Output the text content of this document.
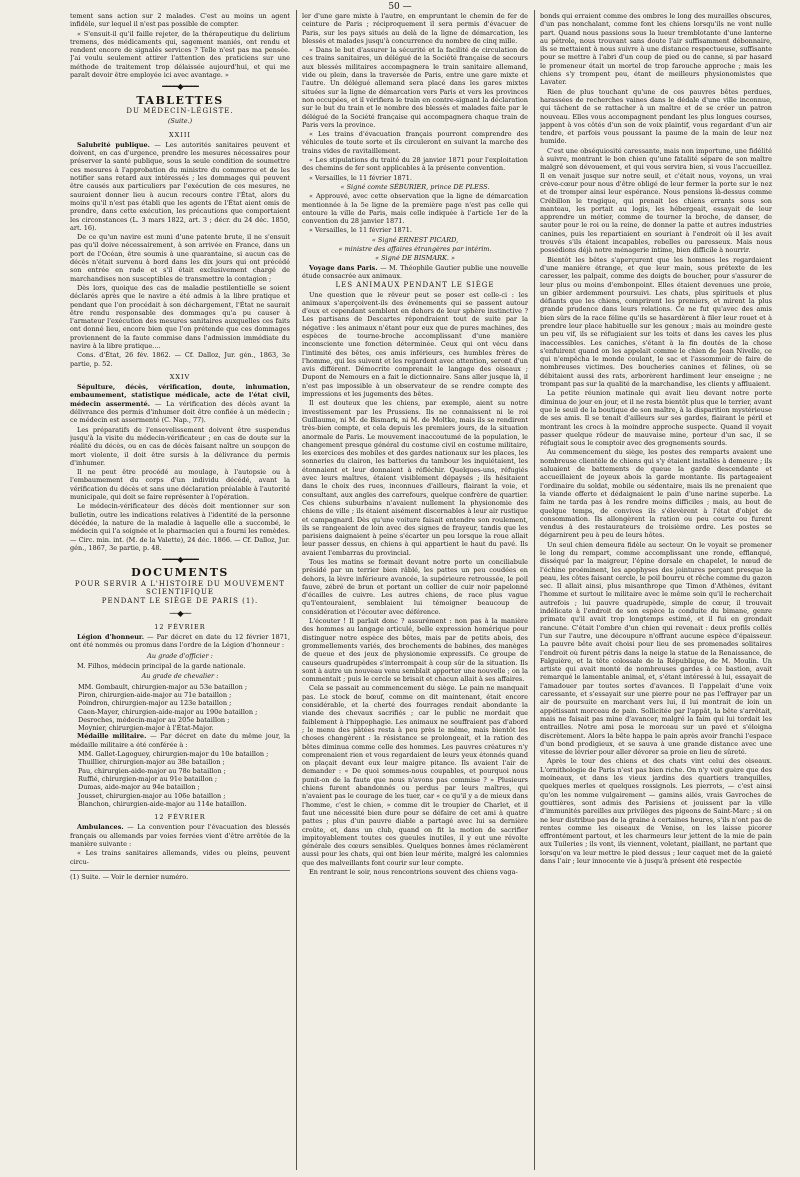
50 —

tement sans action sur 2 malades. C'est au moins un agent infidèle, sur lequel il n'est pas possible de compter.

« S'ensuit-il qu'il faille rejeter, de la thérapeutique du delirium tremens, des médicaments qui, sagement maniés, ont rendu et rendent encore de signalés services ? Telle n'est pas ma pensée. J'ai voulu seulement attirer l'attention des praticiens sur une méthode de traitement trop délaissée aujourd'hui, et qui me paraît devoir être employée ici avec avantage. »

━━━━◆━━━━
TABLETTES
DU MÉDECIN-LÉGISTE.
(Suite.)
XXIII

Salubrité publique. — Les autorités sanitaires peuvent et doivent, en cas d'urgence, prendre les mesures nécessaires pour préserver la santé publique, sous la seule condition de soumettre ces mesures à l'approbation du ministre du commerce et de les notifier sans retard aux intéressés ; les dommages qui peuvent être causés aux particuliers par l'exécution de ces mesures, ne sauraient donner lieu à aucun recours contre l'État, alors du moins qu'il n'est pas établi que les agents de l'État aient omis de prendre, dans cette exécution, les précautions que comportaient les circonstances (L. 3 mars 1822, art. 3 ; décr. du 24 déc. 1850, art. 16).

De ce qu'un navire est muni d'une patente brute, il ne s'ensuit pas qu'il doive nécessairement, à son arrivée en France, dans un port de l'Océan, être soumis à une quarantaine, si aucun cas de décès n'était survenu à bord dans les dix jours qui ont précédé son entrée en rade et s'il était exclusivement chargé de marchandises non susceptibles de transmettre la contagion ;

Dès lors, quoique des cas de maladie pestilentielle se soient déclarés après que le navire a été admis à la libre pratique et pendant que l'on procédait à son déchargement, l'État ne saurait être rendu responsable des dommages qu'a pu causer à l'armateur l'exécution des mesures sanitaires auxquelles ces faits ont donné lieu, encore bien que l'on prétende que ces dommages proviennent de la faute commise dans l'admission immédiate du navire à la libre pratique....

Cons. d'État, 26 fév. 1862. — Cf. Dalloz, Jur. gén., 1863, 3e partie, p. 52.

XXIV

Sépulture, décès, vérification, doute, inhumation, embaumement, statistique médicale, acte de l'état civil, médecin assermenté. — La vérification des décès avant la délivrance des permis d'inhumer doit être confiée à un médecin ; ce médecin est assermenté (C. Nap., 77).

Les préparatifs de l'ensevelissement doivent être suspendus jusqu'à la visite du médecin-vérificateur ; en cas de doute sur la réalité du décès, ou en cas de décès faisant naître un soupçon de mort violente, il doit être sursis à la délivrance du permis d'inhumer.

Il ne peut être procédé au moulage, à l'autopsie ou à l'embaumement du corps d'un individu décédé, avant la vérification du décès et sans une déclaration préalable à l'autorité municipale, qui doit se faire représenter à l'opération.

Le médecin-vérificateur des décès doit mentionner sur son bulletin, outre les indications relatives à l'identité de la personne décédée, la nature de la maladie à laquelle elle a succombé, le médecin qui l'a soignée et le pharmacien qui a fourni les remèdes. — Circ. min. int. (M. de la Valette), 24 déc. 1866. — Cf. Dalloz, Jur. gén., 1867, 3e partie, p. 48.

━━━━◆━━━━
DOCUMENTS
POUR SERVIR A L'HISTOIRE DU MOUVEMENT SCIENTIFIQUE
PENDANT LE SIÈGE DE PARIS (1).
──◆──
12 FÉVRIER

Légion d'honneur. — Par décret en date du 12 février 1871, ont été nommés ou promus dans l'ordre de la Légion d'honneur :

Au grade d'officier :

M. Filhos, médecin principal de la garde nationale.

Au grade de chevalier :

MM. Gombault, chirurgien-major au 53e bataillon ;

Piron, chirurgien-aide-major au 71e bataillon ;

Poindron, chirurgien-major au 123e bataillon ;

Caen-Mayer, chirurgien-aide-major au 190e bataillon ;

Desroches, médecin-major au 205e bataillon ;

Moynier, chirurgien-major à l'État-Major.

Médaille militaire. — Par décret en date du même jour, la médaille militaire a été conférée à :

MM. Gallet-Lagoguey, chirurgien-major du 10e bataillon ;

Thuillier, chirurgien-major au 38e bataillon ;

Pau, chirurgien-aide-major au 78e bataillon ;

Ruffié, chirurgien-major au 91e bataillon ;

Dumas, aide-major au 94e bataillon ;

Jousset, chirurgien-major au 106e bataillon ;

Blanchon, chirurgien-aide-major au 114e bataillon.

12 FÉVRIER

Ambulances. — La convention pour l'évacuation des blessés français ou allemands par voies ferrées vient d'être arrêtée de la manière suivante :

« Les trains sanitaires allemands, vides ou pleins, peuvent circu-

(1) Suite. — Voir le dernier numéro.

ler d'une gare mixte à l'autre, en empruntant le chemin de fer de ceinture de Paris ; réciproquement il sera permis d'évacuer de Paris, sur les pays situés au delà de la ligne de démarcation, les blessés et malades jusqu'à concurrence du nombre de cinq mille.

« Dans le but d'assurer la sécurité et la facilité de circulation de ces trains sanitaires, un délégué de la Société française de secours aux blessés militaires accompagnera le train sanitaire allemand, vide ou plein, dans la traversée de Paris, entre une gare mixte et l'autre. Un délégué allemand sera placé dans les gares mixtes situées sur la ligne de démarcation vers Paris et vers les provinces non occupées, et il vérifiera le train en contre-signant la déclaration sur le but du train et le nombre des blessés et malades faite par le délégué de la Société française qui accompagnera chaque train de Paris vers la province.

« Les trains d'évacuation français pourront comprendre des véhicules de toute sorte et ils circuleront en suivant la marche des trains vides de ravitaillement.

« Les stipulations du traité du 28 janvier 1871 pour l'exploitation des chemins de fer sont applicables à la présente convention.

« Versailles, le 11 février 1871.

« Signé comte SÉBURIER, prince DE PLESS.

« Approuvé, avec cette observation que la ligne de démarcation mentionnée à la 5e ligne de la première page n'est pas celle qui entoure la ville de Paris, mais celle indiquée à l'article 1er de la convention du 28 janvier 1871.

« Versailles, le 11 février 1871.

« Signé ERNEST PICARD,
« ministre des affaires étrangères par intérim.
« Signé DE BISMARK. »

Voyage dans Paris. — M. Théophile Gautier publie une nouvelle étude consacrée aux animaux.

LES ANIMAUX PENDANT LE SIÈGE

Une question que le rêveur peut se poser est celle-ci : les animaux s'aperçoivent-ils des événements qui se passent autour d'eux et cependant semblent en dehors de leur sphère instinctive ? Les partisans de Descartes répondraient tout de suite par la négative : les animaux n'étant pour eux que de pures machines, des espèces de tourne-broche accomplissant d'une manière inconsciente une fonction déterminée. Ceux qui ont vécu dans l'intimité des bêtes, ces amis inférieurs, ces humbles frères de l'homme, qui les suivent et les regardent avec attention, seront d'un avis différent. Démocrite comprenait le langage des oiseaux ; Dupont de Nemours en a fait le dictionnaire. Sans aller jusque là, il n'est pas impossible à un observateur de se rendre compte des impressions et les jugements des bêtes.

Il est douteux que les chiens, par exemple, aient su notre investissement par les Prussiens. Ils ne connaissent ni le roi Guillaume, ni M. de Bismark, ni M. de Moltke, mais ils se rendirent très-bien compte, et cela depuis les premiers jours, de la situation anormale de Paris. Le mouvement inaccoutumé de la population, le changement presque général du costume civil en costume militaire, les exercices des mobiles et des gardes nationaux sur les places, les sonneries du clairon, les batteries du tambour les inquiétaient, les étonnaient et leur donnaient à réfléchir. Quelques-uns, réfugiés avec leurs maîtres, étaient visiblement dépaysés ; ils hésitaient dans le choix des rues, inconnues d'ailleurs, flairant la voie, et consultant, aux angles des carrefours, quelque confrère de quartier. Ces chiens suburbains n'avaient nullement la physionomie des chiens de ville ; ils étaient aisément discernables à leur air rustique et campagnard. Dès qu'une voiture faisait entendre son roulement, ils se rangeaient de loin avec des signes de frayeur, tandis que les parisiens daignaient à peine s'écarter un peu lorsque la roue allait leur passer dessus, en chiens à qui appartient le haut du pavé. Ils avaient l'embarras du provincial.

Tous les matins se formait devant notre porte un conciliabule présidé par un terrier bien râblé, les pattes un peu coudées en dehors, la lèvre inférieure avancée, la supérieure retroussée, le poil fauve, zébré de brun et portant un collier de cuir noir papelonné d'écailles de cuivre. Les autres chiens, de race plus vague qu'l'entouraient, semblaient lui témoigner beaucoup de considération et l'écouter avec déférence.

L'écouter ! Il parlait donc ? assurément : non pas à la manière des hommes au langage articulé, belle expression homérique pour distinguer notre espèce des bêtes, mais par de petits abois, des grommellements variés, des brochements de babines, des manèges de queue et des jeux de physionomie expressifs. Ce groupe de causeurs quadrupèdes s'interrompait à coup sûr de la situation. Ils sont à autre un nouveau venu semblait apporter une nouvelle ; on la commentait ; puis le cercle se brisait et chacun allait à ses affaires.

Cela se passait au commencement du siège. Le pain ne manquait pas. Le stock de bœuf, comme on dit maintenant, était encore considérable, et la cherté des fourrages rendait abondante la viande des chevaux sacrifiés ; car le public ne mordait que faiblement à l'hippophagie. Les animaux ne souffraient pas d'abord ; le menu des pâtées resta à peu près le même, mais bientôt les choses changèrent : la résistance se prolongeait, et la ration des bêtes diminua comme celle des hommes. Les pauvres créatures n'y comprenaient rien et vous regardaient de leurs yeux étonnés quand on plaçait devant eux leur maigre pitance. Ils avaient l'air de demander : « De quoi sommes-nous coupables, et pourquoi nous punit-on de la faute que nous n'avons pas commise ? » Plusieurs chiens furent abandonnés ou perdus par leurs maîtres, qui n'avaient pas le courage de les tuer, car « ce qu'il y a de mieux dans l'homme, c'est le chien, » comme dit le troupier de Charlet, et il faut une nécessité bien dure pour se défaire de cet ami à quatre pattes ; plus d'un pauvre diable a partagé avec lui sa dernière croûte, et, dans un club, quand on fit la motion de sacrifier impitoyablement toutes ces gueules inutiles, il y eut une révolte générale des cœurs sensibles. Quelques bonnes âmes réclamèrent aussi pour les chats, qui ont bien leur mérite, malgré les calomnies que des malveillants font courir sur leur compte.

En rentrant le soir, nous rencontrions souvent des chiens vaga-

bonds qui erraient comme des ombres le long des murailles obscures, d'un pas nonchalant, comme font les chiens lorsqu'ils ne vont nulle part. Quand nous passions sous la lueur tremblotante d'une lanterne au pétrole, nous trouvant sans doute l'air suffisamment débonnaire, ils se mettaient à nous suivre à une distance respectueuse, suffisante pour se mettre à l'abri d'un coup de pied ou de canne, si par hasard le promeneur était un mortel de trop farouche approche ; mais les chiens s'y trompent peu, étant de meilleurs physionomistes que Lavater.

Rien de plus touchant qu'une de ces pauvres bêtes perdues, harassées de recherches vaines dans le dédale d'une ville inconnue, qui tâchent de se rattacher à un maître et de se créer un patron nouveau. Elles vous accompagnent pendant les plus longues courses, jappent à vos côtés d'un son de voix plaintif, vous regardant d'un air tendre, et parfois vous poussant la paume de la main de leur nez humide.

C'est une obséquiosité caressante, mais non importune, une fidélité à suivre, montrant le bon chien qu'une fatalité sépare de son maître malgré son dévouement, et qui vous servira bien, si vous l'accueillez. Il en venait jusque sur notre seuil, et c'était nous, voyons, un vrai crève-cœur pour nous d'être obligé de leur fermer la porte sur le nez et de tromper ainsi leur espérance. Nous pensions là-dessus comme Crébillon le tragique, qui prenait les chiens errants sous son manteau, les portait au logis, les hébergeait, essayait de leur apprendre un métier, comme de tourner la broche, de danser, de sauter pour le roi ou la reine, de donner la patte et autres industries canines, puis les repartiaient en souriant à l'endroit où il les avait trouvés s'ils étaient incapables, rebelles ou paresseux. Mais nous possédions déjà notre ménagerie intime, bien difficile à nourrir.

Bientôt les bêtes s'aperçurent que les hommes les regardaient d'une manière étrange, et que leur main, sous prétexte de les caresser, les palpait, comme des doigts de boucher, pour s'assurer de leur plus ou moins d'embonpoint. Elles étaient devenues une proie, un gibier ardemment poursuivi. Les chats, plus spirituels et plus défiants que les chiens, comprirent les premiers, et mirent la plus grande prudence dans leurs relations. Ce ne fut qu'avec des amis bien sûrs de la race féline qu'ils se hasardèrent à filer leur rouet et à prendre leur place habituelle sur les genoux ; mais au moindre geste un peu vif, ils se réfugiaient sur les toits et dans les caves les plus inaccessibles. Les caniches, s'étant à la fin doutés de la chose s'enfuirent quand on les appelait comme le chien de Jean Nivelle, ce qui n'empêcha le monde coulant, le sac et l'assommoir de faire de nombreuses victimes. Des boucheries canines et félines, où se débitaient aussi des rats, arborèrent hardiment leur enseigne ; ne trompant pas sur la qualité de la marchandise, les clients y affluaient.

La petite réunion matinale qui avait lieu devant notre porte diminua de jour en jour, et il ne resta bientôt plus que le terrier, avant que le seuil de la boutique de son maître, à la disparition mystérieuse de ses amis. Il se tenait d'ailleurs sur ses gardes, flairant le péril et montrant les crocs à la moindre approche suspecte. Quand il voyait passer quelque rôdeur de mauvaise mine, porteur d'un sac, il se réfugiait sous le comptoir avec des grognements sourds.

Au commencement du siège, les postes des remparts avaient une nombreuse clientèle de chiens qui s'y étaient installés à demeure ; ils saluaient de battements de queue la garde descendante et accueillaient de joyeux abois la garde montante. Ils partageaient l'ordinaire du soldat, mobile ou sédentaire, mais ils ne prenaient que la viande offerte et dédaignaient le pain d'une narine superbe. La faim ne tarda pas à les rendre moins difficiles ; mais, au bout de quelque temps, de convives ils s'élevèrent à l'état d'objet de consommation. Ils allongèrent la ration ou peu courte ou furent vendus à des restaurateurs de troisième ordre. Les postes se dégarnirent peu à peu de leurs hôtes.

Un seul chien demeura fidèle au secteur. On le voyait se promener le long du rempart, comme accomplissant une ronde, efflanqué, disséqué par la maigreur, l'épine dorsale en chapelet, le nœud de l'échine proéminent, les apophyses des jointures perçant presque la peau, les côtes faisant cercle, le poil bourru et rêche comme du gazon sec. Il allait ainsi, plus misanthrope que Timon d'Athènes, évitant l'homme et surtout le militaire avec le même soin qu'il le recherchait autrefois ; lui pauvre quadrupède, simple de cœur, il trouvait indélicate à l'endroit de son espèce la conduite du bimane, genre primate qu'il avait trop longtemps estimé, et il fui en grondait rancune. C'était l'ombre d'un chien qui revenait : deux profils collés l'un sur l'autre, une découpure n'offrant aucune espèce d'épaisseur. La pauvre bête avait choisi pour lieu de ses promenades solitaires l'endroit où furent pétris dans la neige la statue de la Renaissance, de Falguière, et la tête colossale de la République, de M. Moulin. Un artiste qui avait monté de nombreuses gardes à ce bastion, avait remarqué le lamentable animal, et, s'étant intéressé à lui, essayait de l'amadouer par toutes sortes d'avances. Il l'appelait d'une voix caressante, et s'essayait sur une pierre pour ne pas l'effrayer par un air de poursuite en marchant vers lui, il lui montrait de loin un appétissant morceau de pain. Sollicitée par l'appât, la bête s'arrêtait, mais ne faisait pas mine d'avancer, malgré la faim qui lui tordait les entrailles. Notre ami posa le morceau sur un pavé et s'éloigna discrètement. Alors la bête happa le pain après avoir franchi l'espace d'un bond prodigieux, et se sauva à une grande distance avec une vitesse de lévrier pour aller dévorer sa proie en lieu de sûreté.

Après le tour des chiens et des chats vint celui des oiseaux. L'ornithologie de Paris n'est pas bien riche. On n'y voit guère que des moineaux, et dans les vieux jardins des quartiers tranquilles, quelques merles et quelques rossignols. Les pierrots, — c'est ainsi qu'on les nomme vulgairement — gamins ailés, vrais Gavroches de gouttières, sont admis des Parisiens et jouissent par la ville d'immunités pareilles aux privilèges des pigeons de Saint-Marc ; si on ne leur distribue pas de la graine à certaines heures, s'ils n'ont pas de rentes comme les oiseaux de Venise, on les laisse picorer effrontément partout, et les charmeurs leur jettent de la mie de pain aux Tuileries ; ils vont, ils viennent, voletant, piaillant, ne partant que lorsqu'on va leur mettre le pied dessus ; leur caquet met de la gaieté dans l'air ; leur innocente vie à jusqu'à présent été respectée
